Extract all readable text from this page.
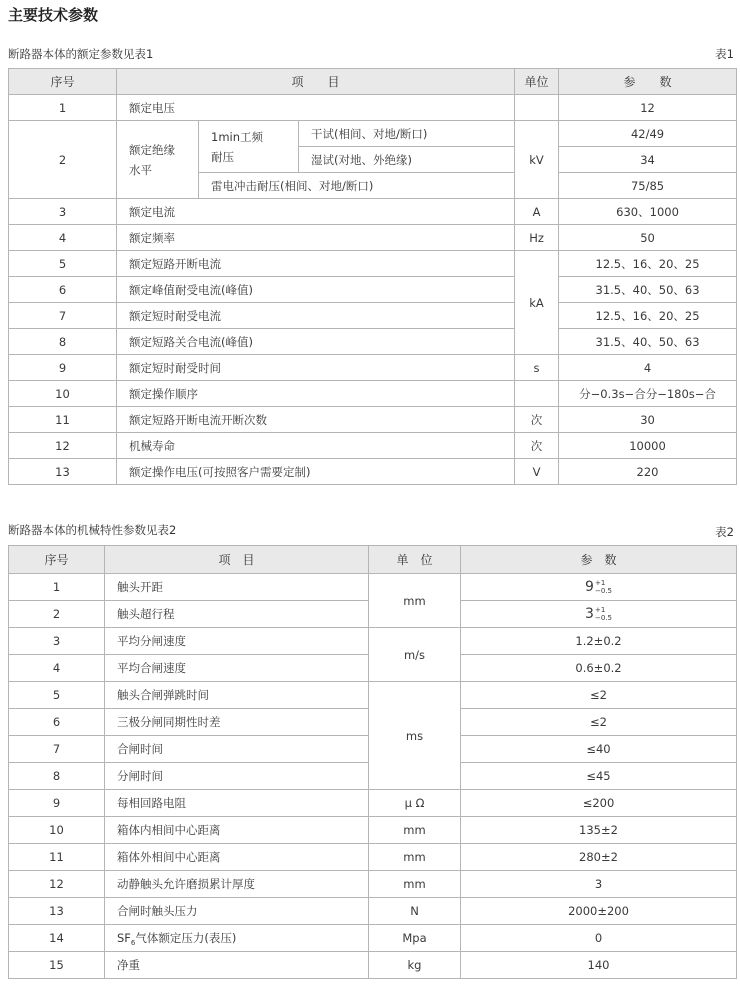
主要技术参数
断路器本体的额定参数见表1	表1
序号	项　　目			单位	参　　数
1	额定电压				12
2	额定绝缘水平	1min工频耐压	干试(相间、对地/断口)	kV	42/49
			湿试(对地、外绝缘)		34
		雷电冲击耐压(相间、对地/断口)			75/85
3	额定电流			A	630、1000
4	额定频率			Hz	50
5	额定短路开断电流			kA	12.5、16、20、25
6	额定峰值耐受电流(峰值)				31.5、40、50、63
7	额定短时耐受电流				12.5、16、20、25
8	额定短路关合电流(峰值)				31.5、40、50、63
9	额定短时耐受时间			s	4
10	额定操作顺序				分−0.3s−合分−180s−合
11	额定短路开断电流开断次数			次	30
12	机械寿命			次	10000
13	额定操作电压(可按照客户需要定制)			V	220
断路器本体的机械特性参数见表2	表2
序号	项　目	单　位	参　数
1	触头开距	mm	9 +1
−0.5

2	触头超行程		3 +1
−0.5

3	平均分闸速度	m/s	1.2±0.2
4	平均合闸速度		0.6±0.2
5	触头合闸弹跳时间	ms	≤2
6	三极分闸同期性时差		≤2
7	合闸时间		≤40
8	分闸时间		≤45
9	每相回路电阻	μ Ω	≤200
10	箱体内相间中心距离	mm	135±2
11	箱体外相间中心距离	mm	280±2
12	动静触头允许磨损累计厚度	mm	3
13	合闸时触头压力	N	2000±200
14	$SF_6$气体额定压力(表压)	Mpa	0
15	净重	kg	140
